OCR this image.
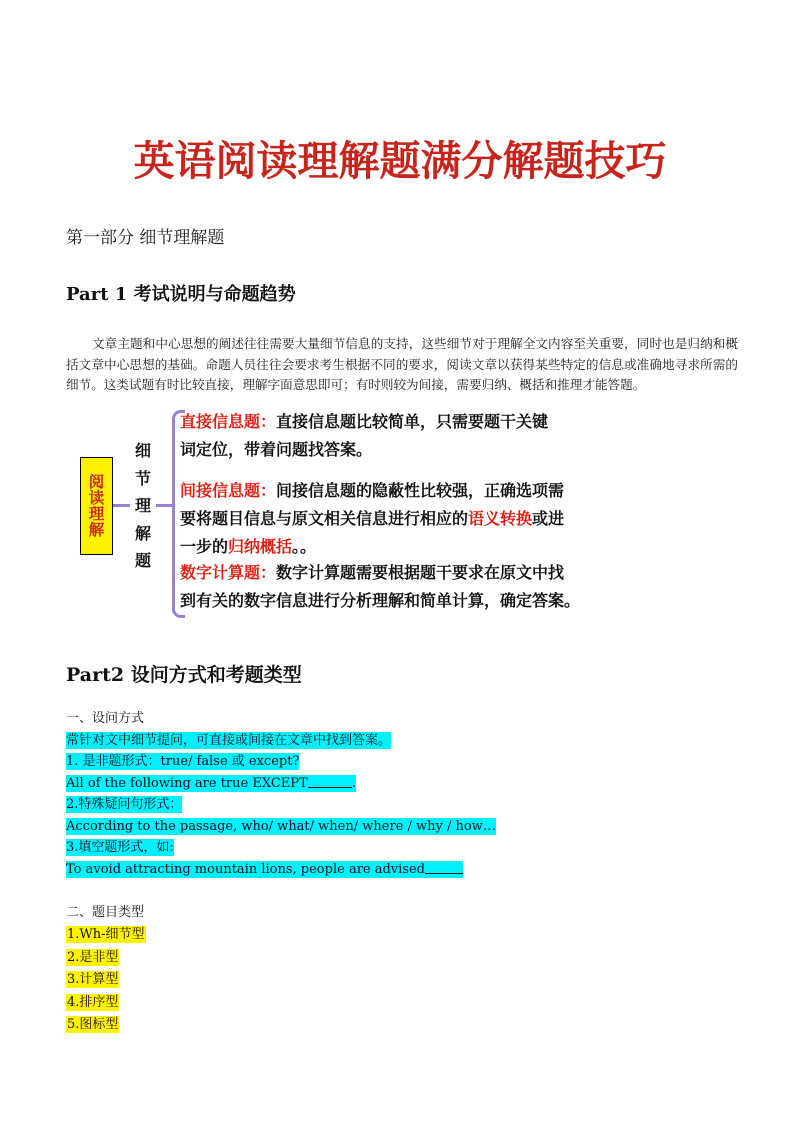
英语阅读理解题满分解题技巧
第一部分 细节理解题
Part 1 考试说明与命题趋势
文章主题和中心思想的阐述往往需要大量细节信息的支持，这些细节对于理解全文内容至关重要，同时也是归纳和概括文章中心思想的基础。命题人员往往会要求考生根据不同的要求，阅读文章以获得某些特定的信息或准确地寻求所需的细节。这类试题有时比较直接，理解字面意思即可；有时则较为间接，需要归纳、概括和推理才能答题。
阅
读
理
解
细
节
理
解
题
直接信息题：直接信息题比较简单，只需要题干关键
词定位，带着问题找答案。
间接信息题：间接信息题的隐蔽性比较强，正确选项需
要将题目信息与原文相关信息进行相应的语义转换或进
一步的归纳概括。。
数字计算题：数字计算题需要根据题干要求在原文中找
到有关的数字信息进行分析理解和简单计算，确定答案。
Part2 设问方式和考题类型
一、设问方式
常针对文中细节提问，可直接或间接在文章中找到答案。
1. 是非题形式：true/ false 或 except?
All of the following are true EXCEPT	.
2.特殊疑问句形式：
According to the passage, who/ what/ when/ where / why / how…
3.填空题形式，如:
To avoid attracting mountain lions, people are advised
二、题目类型
1.Wh-细节型
2.是非型
3.计算型
4.排序型
5.图标型
